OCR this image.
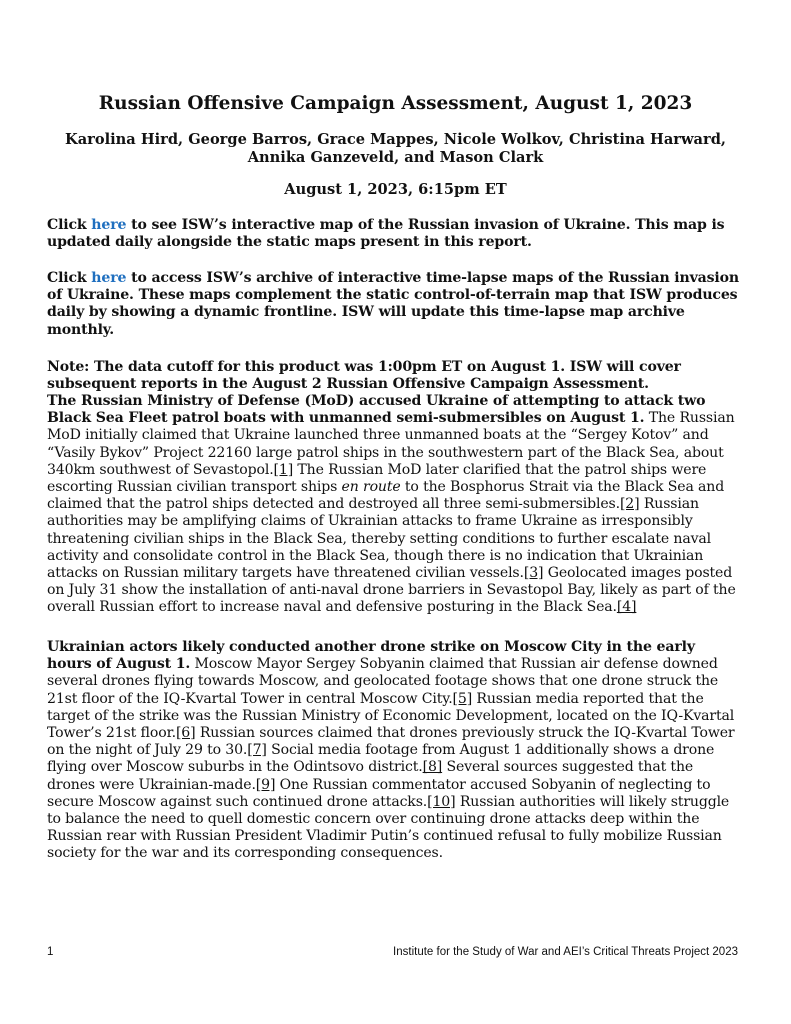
Russian Offensive Campaign Assessment, August 1, 2023
Karolina Hird, George Barros, Grace Mappes, Nicole Wolkov, Christina Harward, Annika Ganzeveld, and Mason Clark
August 1, 2023, 6:15pm ET

Click here to see ISW’s interactive map of the Russian invasion of Ukraine. This map is updated daily alongside the static maps present in this report.

Click here to access ISW’s archive of interactive time-lapse maps of the Russian invasion of Ukraine. These maps complement the static control-of-terrain map that ISW produces daily by showing a dynamic frontline. ISW will update this time-lapse map archive monthly.

Note: The data cutoff for this product was 1:00pm ET on August 1. ISW will cover subsequent reports in the August 2 Russian Offensive Campaign Assessment.

The Russian Ministry of Defense (MoD) accused Ukraine of attempting to attack two Black Sea Fleet patrol boats with unmanned semi-submersibles on August 1. The Russian MoD initially claimed that Ukraine launched three unmanned boats at the “Sergey Kotov” and “Vasily Bykov” Project 22160 large patrol ships in the southwestern part of the Black Sea, about 340km southwest of Sevastopol.[1] The Russian MoD later clarified that the patrol ships were escorting Russian civilian transport ships en route to the Bosphorus Strait via the Black Sea and claimed that the patrol ships detected and destroyed all three semi-submersibles.[2] Russian authorities may be amplifying claims of Ukrainian attacks to frame Ukraine as irresponsibly threatening civilian ships in the Black Sea, thereby setting conditions to further escalate naval activity and consolidate control in the Black Sea, though there is no indication that Ukrainian attacks on Russian military targets have threatened civilian vessels.[3] Geolocated images posted on July 31 show the installation of anti-naval drone barriers in Sevastopol Bay, likely as part of the overall Russian effort to increase naval and defensive posturing in the Black Sea.[4]

Ukrainian actors likely conducted another drone strike on Moscow City in the early hours of August 1. Moscow Mayor Sergey Sobyanin claimed that Russian air defense downed several drones flying towards Moscow, and geolocated footage shows that one drone struck the 21st floor of the IQ-Kvartal Tower in central Moscow City.[5] Russian media reported that the target of the strike was the Russian Ministry of Economic Development, located on the IQ-Kvartal Tower’s 21st floor.[6] Russian sources claimed that drones previously struck the IQ-Kvartal Tower on the night of July 29 to 30.[7] Social media footage from August 1 additionally shows a drone flying over Moscow suburbs in the Odintsovo district.[8] Several sources suggested that the drones were Ukrainian-made.[9] One Russian commentator accused Sobyanin of neglecting to secure Moscow against such continued drone attacks.[10] Russian authorities will likely struggle to balance the need to quell domestic concern over continuing drone attacks deep within the Russian rear with Russian President Vladimir Putin’s continued refusal to fully mobilize Russian society for the war and its corresponding consequences.

1	Institute for the Study of War and AEI’s Critical Threats Project 2023
